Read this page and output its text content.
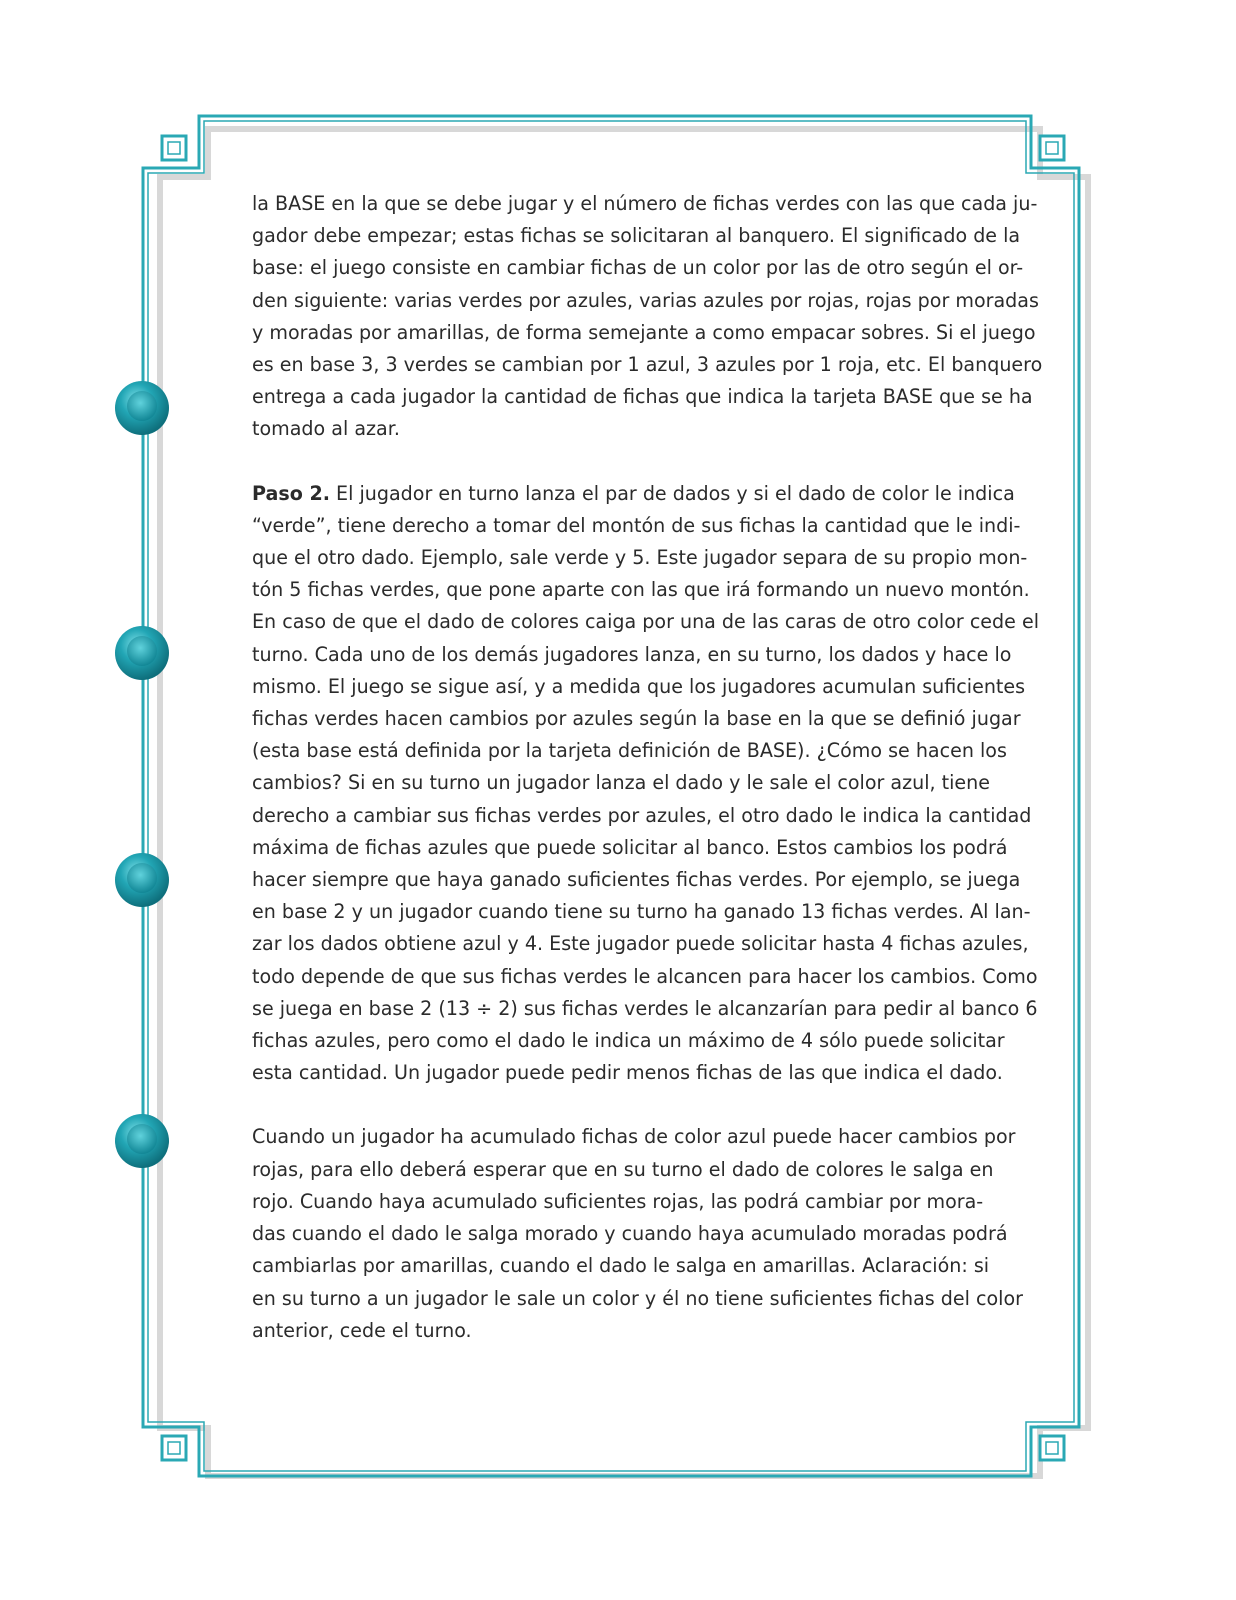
la BASE en la que se debe jugar y el número de fichas verdes con las que cada ju-
gador debe empezar; estas fichas se solicitaran al banquero. El significado de la
base: el juego consiste en cambiar fichas de un color por las de otro según el or-
den siguiente: varias verdes por azules, varias azules por rojas, rojas por moradas
y moradas por amarillas, de forma semejante a como empacar sobres. Si el juego
es en base 3, 3 verdes se cambian por 1 azul, 3 azules por 1 roja, etc. El banquero
entrega a cada jugador la cantidad de fichas que indica la tarjeta BASE que se ha
tomado al azar.

Paso 2. El jugador en turno lanza el par de dados y si el dado de color le indica
“verde”, tiene derecho a tomar del montón de sus fichas la cantidad que le indi-
que el otro dado. Ejemplo, sale verde y 5. Este jugador separa de su propio mon-
tón 5 fichas verdes, que pone aparte con las que irá formando un nuevo montón.
En caso de que el dado de colores caiga por una de las caras de otro color cede el
turno. Cada uno de los demás jugadores lanza, en su turno, los dados y hace lo
mismo. El juego se sigue así, y a medida que los jugadores acumulan suficientes
fichas verdes hacen cambios por azules según la base en la que se definió jugar
(esta base está definida por la tarjeta definición de BASE). ¿Cómo se hacen los
cambios? Si en su turno un jugador lanza el dado y le sale el color azul, tiene
derecho a cambiar sus fichas verdes por azules, el otro dado le indica la cantidad
máxima de fichas azules que puede solicitar al banco. Estos cambios los podrá
hacer siempre que haya ganado suficientes fichas verdes. Por ejemplo, se juega
en base 2 y un jugador cuando tiene su turno ha ganado 13 fichas verdes. Al lan-
zar los dados obtiene azul y 4. Este jugador puede solicitar hasta 4 fichas azules,
todo depende de que sus fichas verdes le alcancen para hacer los cambios. Como
se juega en base 2 (13 ÷ 2) sus fichas verdes le alcanzarían para pedir al banco 6
fichas azules, pero como el dado le indica un máximo de 4 sólo puede solicitar
esta cantidad. Un jugador puede pedir menos fichas de las que indica el dado.

Cuando un jugador ha acumulado fichas de color azul puede hacer cambios por
rojas, para ello deberá esperar que en su turno el dado de colores le salga en
rojo. Cuando haya acumulado suficientes rojas, las podrá cambiar por mora-
das cuando el dado le salga morado y cuando haya acumulado moradas podrá
cambiarlas por amarillas, cuando el dado le salga en amarillas. Aclaración: si
en su turno a un jugador le sale un color y él no tiene suficientes fichas del color
anterior, cede el turno.
